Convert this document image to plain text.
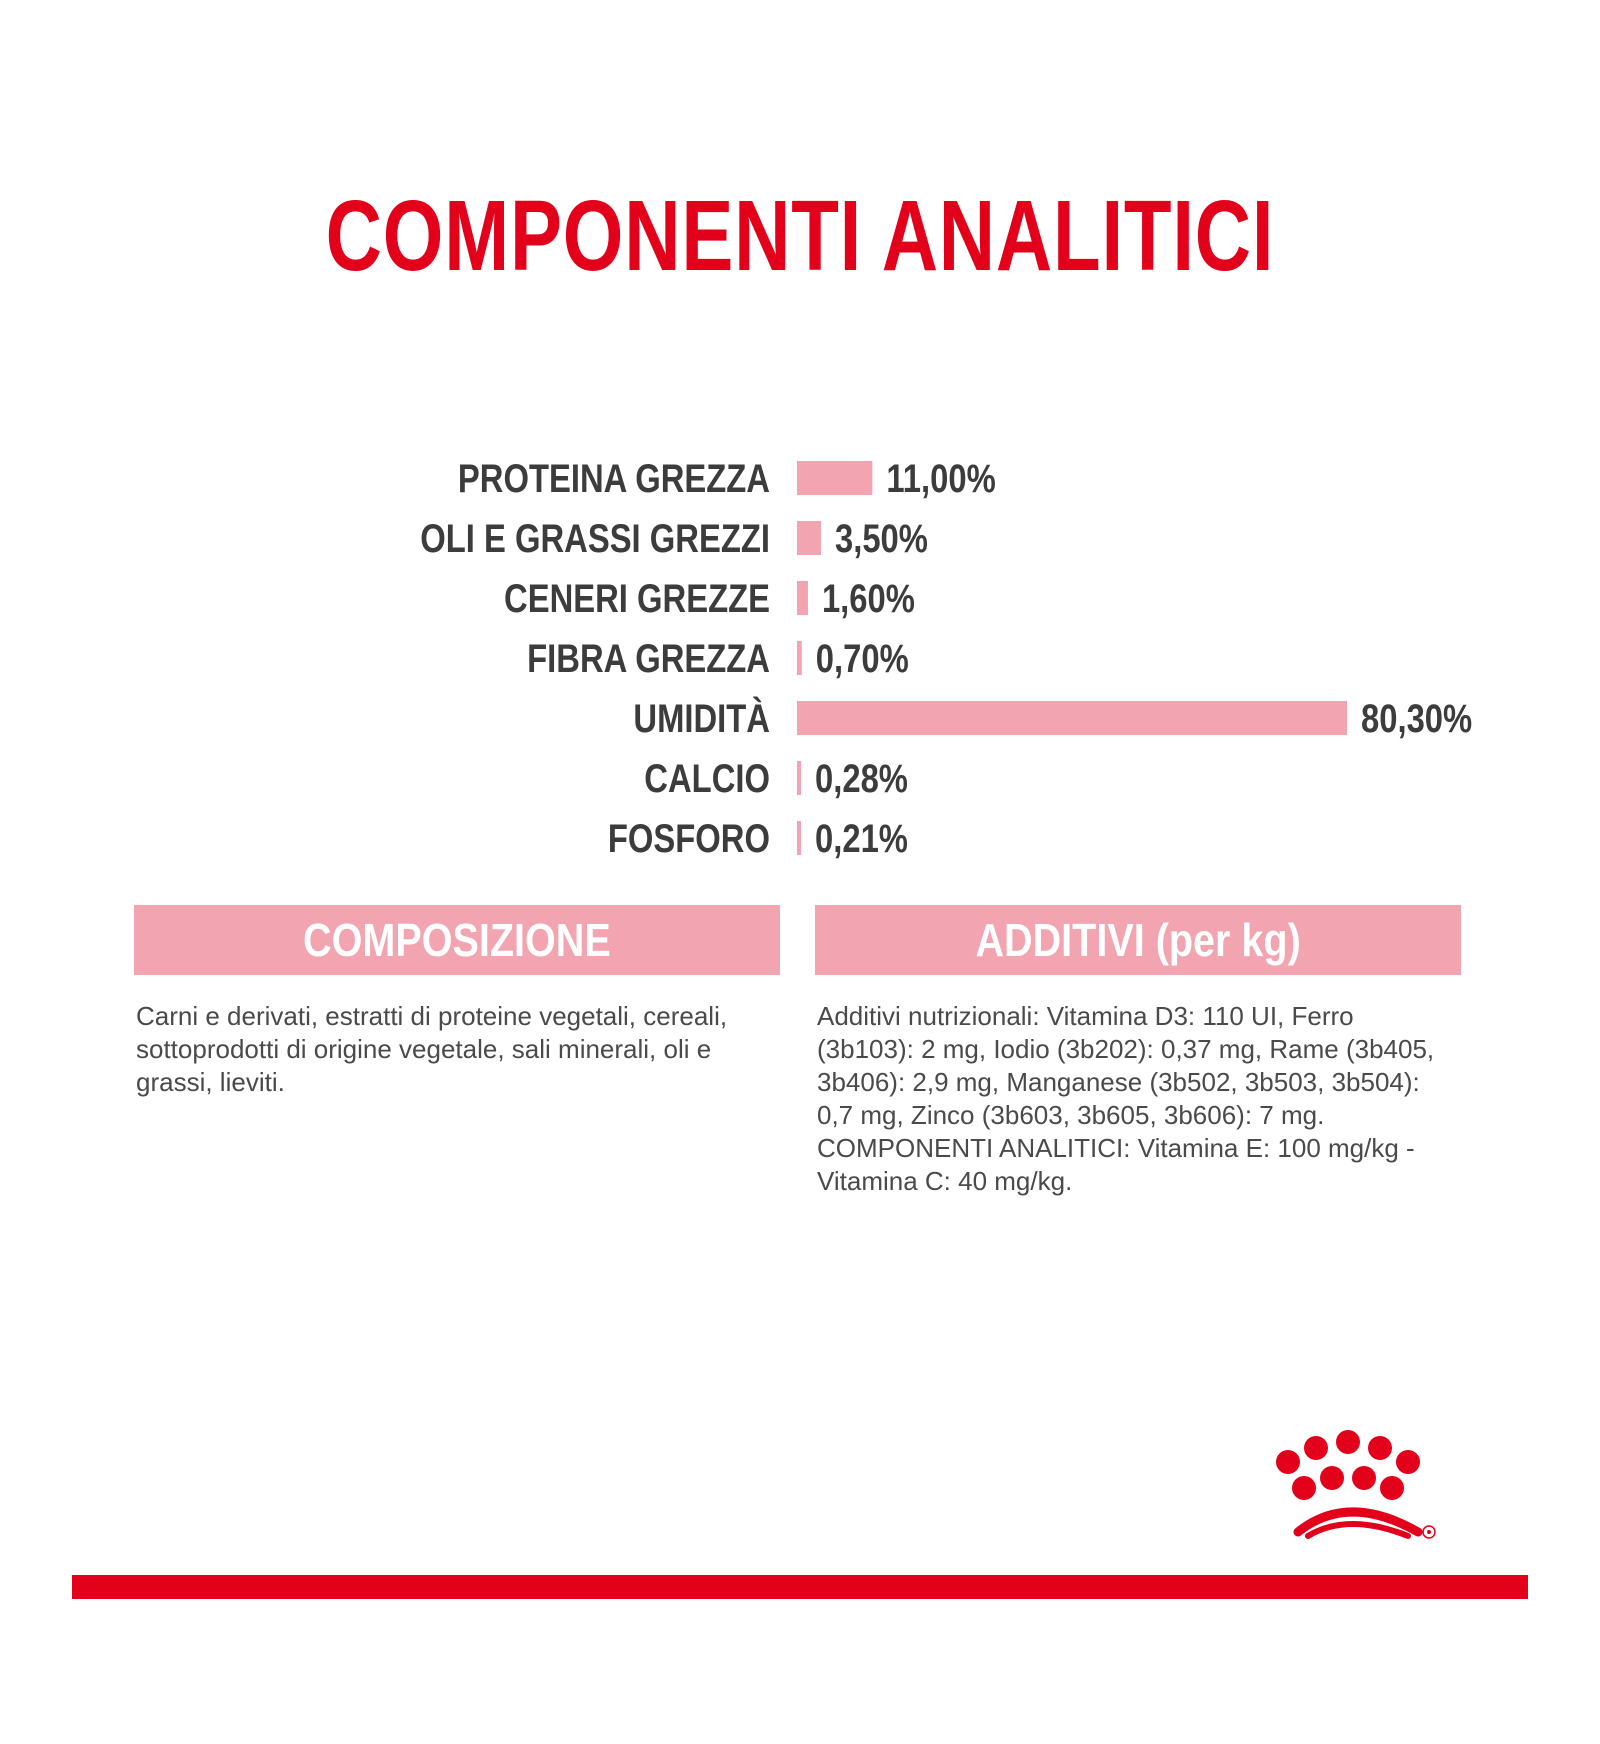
COMPONENTI ANALITICI
PROTEINA GREZZA	11,00%
OLI E GRASSI GREZZI 3,50%
CENERI GREZZE 1,60%
FIBRA GREZZA 0,70%
UMIDITÀ	80,30%
CALCIO 0,28%
FOSFORO 0,21%
COMPOSIZIONE	ADDITIVI (per kg)
Carni e derivati, estratti di proteine vegetali, cereali, sottoprodotti di origine vegetale, sali minerali, oli e grassi, lieviti.
Additivi nutrizionali: Vitamina D3: 110 UI, Ferro (3b103): 2 mg, Iodio (3b202): 0,37 mg, Rame (3b405, 3b406): 2,9 mg, Manganese (3b502, 3b503, 3b504): 0,7 mg, Zinco (3b603, 3b605, 3b606): 7 mg.
COMPONENTI ANALITICI: Vitamina E: 100 mg/kg - Vitamina C: 40 mg/kg.
